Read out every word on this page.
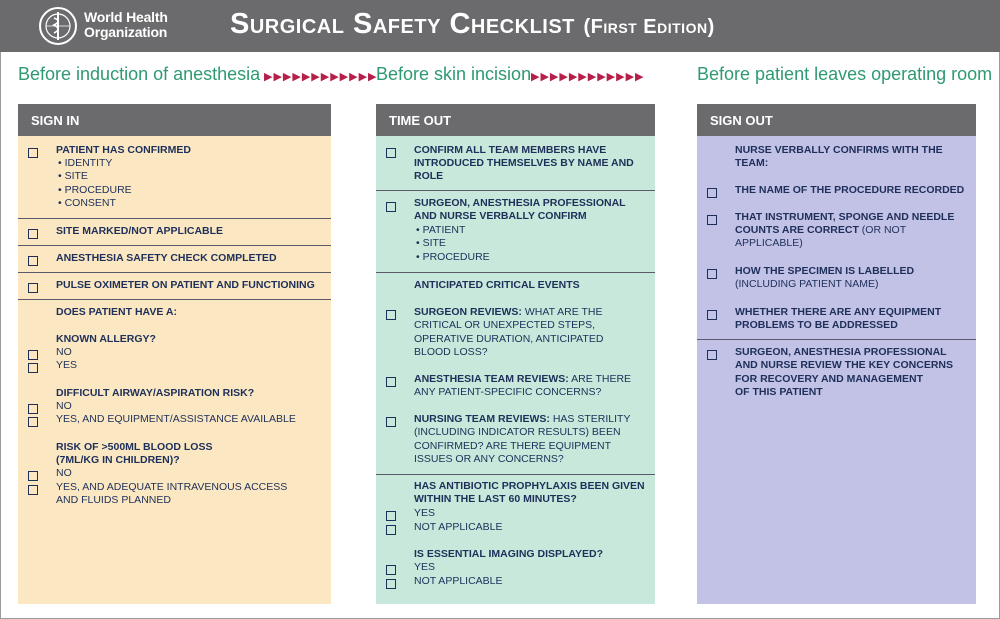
World Health
Organization Surgical Safety Checklist (First Edition)
Before induction of anesthesia ▶▶▶▶▶▶▶▶▶▶▶▶
Before skin incision ▶▶▶▶▶▶▶▶▶▶▶▶	Before patient leaves operating room
SIGN IN
PATIENT HAS CONFIRMED
• IDENTITY
• SITE
• PROCEDURE
• CONSENT
SITE MARKED/NOT APPLICABLE
ANESTHESIA SAFETY CHECK COMPLETED
PULSE OXIMETER ON PATIENT AND FUNCTIONING
DOES PATIENT HAVE A:
KNOWN ALLERGY?
NO
YES
DIFFICULT AIRWAY/ASPIRATION RISK?
NO
YES, AND EQUIPMENT/ASSISTANCE AVAILABLE
RISK OF >500ML BLOOD LOSS
(7ML/KG IN CHILDREN)?
NO
YES, AND ADEQUATE INTRAVENOUS ACCESS
AND FLUIDS PLANNED
TIME OUT
CONFIRM ALL TEAM MEMBERS HAVE
INTRODUCED THEMSELVES BY NAME AND
ROLE
SURGEON, ANESTHESIA PROFESSIONAL
AND NURSE VERBALLY CONFIRM
• PATIENT
• SITE
• PROCEDURE
ANTICIPATED CRITICAL EVENTS
SURGEON REVIEWS: WHAT ARE THE
CRITICAL OR UNEXPECTED STEPS,
OPERATIVE DURATION, ANTICIPATED
BLOOD LOSS?
ANESTHESIA TEAM REVIEWS: ARE THERE
ANY PATIENT-SPECIFIC CONCERNS?
NURSING TEAM REVIEWS: HAS STERILITY
(INCLUDING INDICATOR RESULTS) BEEN
CONFIRMED? ARE THERE EQUIPMENT
ISSUES OR ANY CONCERNS?
HAS ANTIBIOTIC PROPHYLAXIS BEEN GIVEN
WITHIN THE LAST 60 MINUTES?
YES
NOT APPLICABLE
IS ESSENTIAL IMAGING DISPLAYED?
YES
NOT APPLICABLE
SIGN OUT
NURSE VERBALLY CONFIRMS WITH THE
TEAM:
THE NAME OF THE PROCEDURE RECORDED
THAT INSTRUMENT, SPONGE AND NEEDLE
COUNTS ARE CORRECT (OR NOT
APPLICABLE)
HOW THE SPECIMEN IS LABELLED
(INCLUDING PATIENT NAME)
WHETHER THERE ARE ANY EQUIPMENT
PROBLEMS TO BE ADDRESSED
SURGEON, ANESTHESIA PROFESSIONAL
AND NURSE REVIEW THE KEY CONCERNS
FOR RECOVERY AND MANAGEMENT
OF THIS PATIENT
